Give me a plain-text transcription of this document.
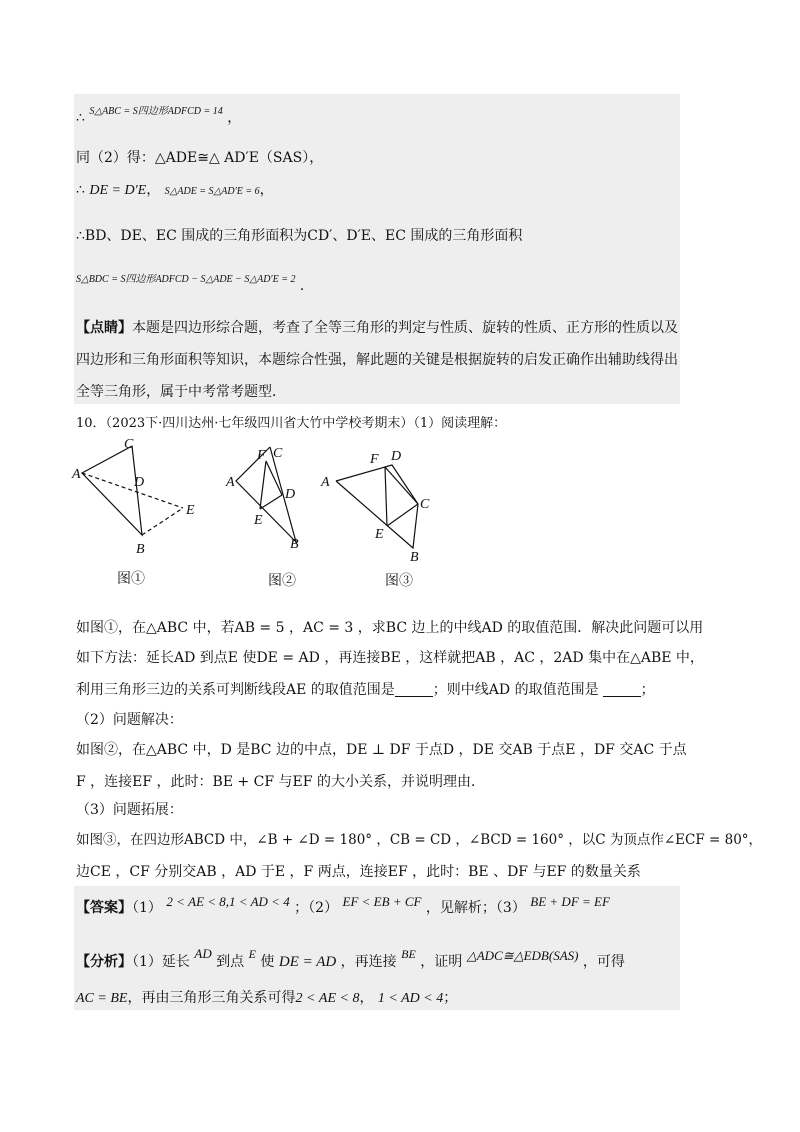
∴ S△ABC = S四边形ADFCD = 14 ，
同（2）得：△ADE≅△ AD′E（SAS），
∴ DE = D′E， S△ADE = S△AD′E = 6，
∴BD、DE、EC 围成的三角形面积为CD′、D′E、EC 围成的三角形面积
S△BDC = S四边形ADFCD − S△ADE − S△AD′E = 2 ．
【点睛】本题是四边形综合题，考查了全等三角形的判定与性质、旋转的性质、正方形的性质以及
四边形和三角形面积等知识，本题综合性强，解此题的关键是根据旋转的启发正确作出辅助线得出
全等三角形，属于中考常考题型．
10．（2023下·四川达州·七年级四川省大竹中学校考期末）（1）阅读理解：
A
C
D
E
B
F C
A
D
E
B
F D
A
C
E
B
图①	图②	图③
如图①，在△ABC 中，若AB = 5 ，AC = 3 ，求BC 边上的中线AD 的取值范围．解决此问题可以用
如下方法：延长AD 到点E 使DE = AD ，再连接BE ，这样就把AB ，AC ，2AD 集中在△ABE 中，
利用三角形三边的关系可判断线段AE 的取值范围是	；则中线AD 的取值范围是	；
（2）问题解决：
如图②，在△ABC 中，D 是BC 边的中点，DE ⊥ DF 于点D ，DE 交AB 于点E ，DF 交AC 于点
F ，连接EF ，此时：BE + CF 与EF 的大小关系，并说明理由．
（3）问题拓展：
如图③，在四边形ABCD 中，∠B + ∠D = 180° ，CB = CD ，∠BCD = 160° ，以C 为顶点作∠ECF = 80°，
边CE ，CF 分别交AB ，AD 于E ，F 两点，连接EF ，此时：BE 、DF 与EF 的数量关系
【答案】（1） 2 < AE < 8,1 < AD < 4 ；（2） EF < EB + CF ，见解析；（3） BE + DF = EF
【分析】（1）延长 AD 到点 E 使 DE = AD ，再连接 BE ，证明 △ADC≅△EDB(SAS) ，可得
AC = BE，再由三角形三角关系可得2 < AE < 8， 1 < AD < 4；
